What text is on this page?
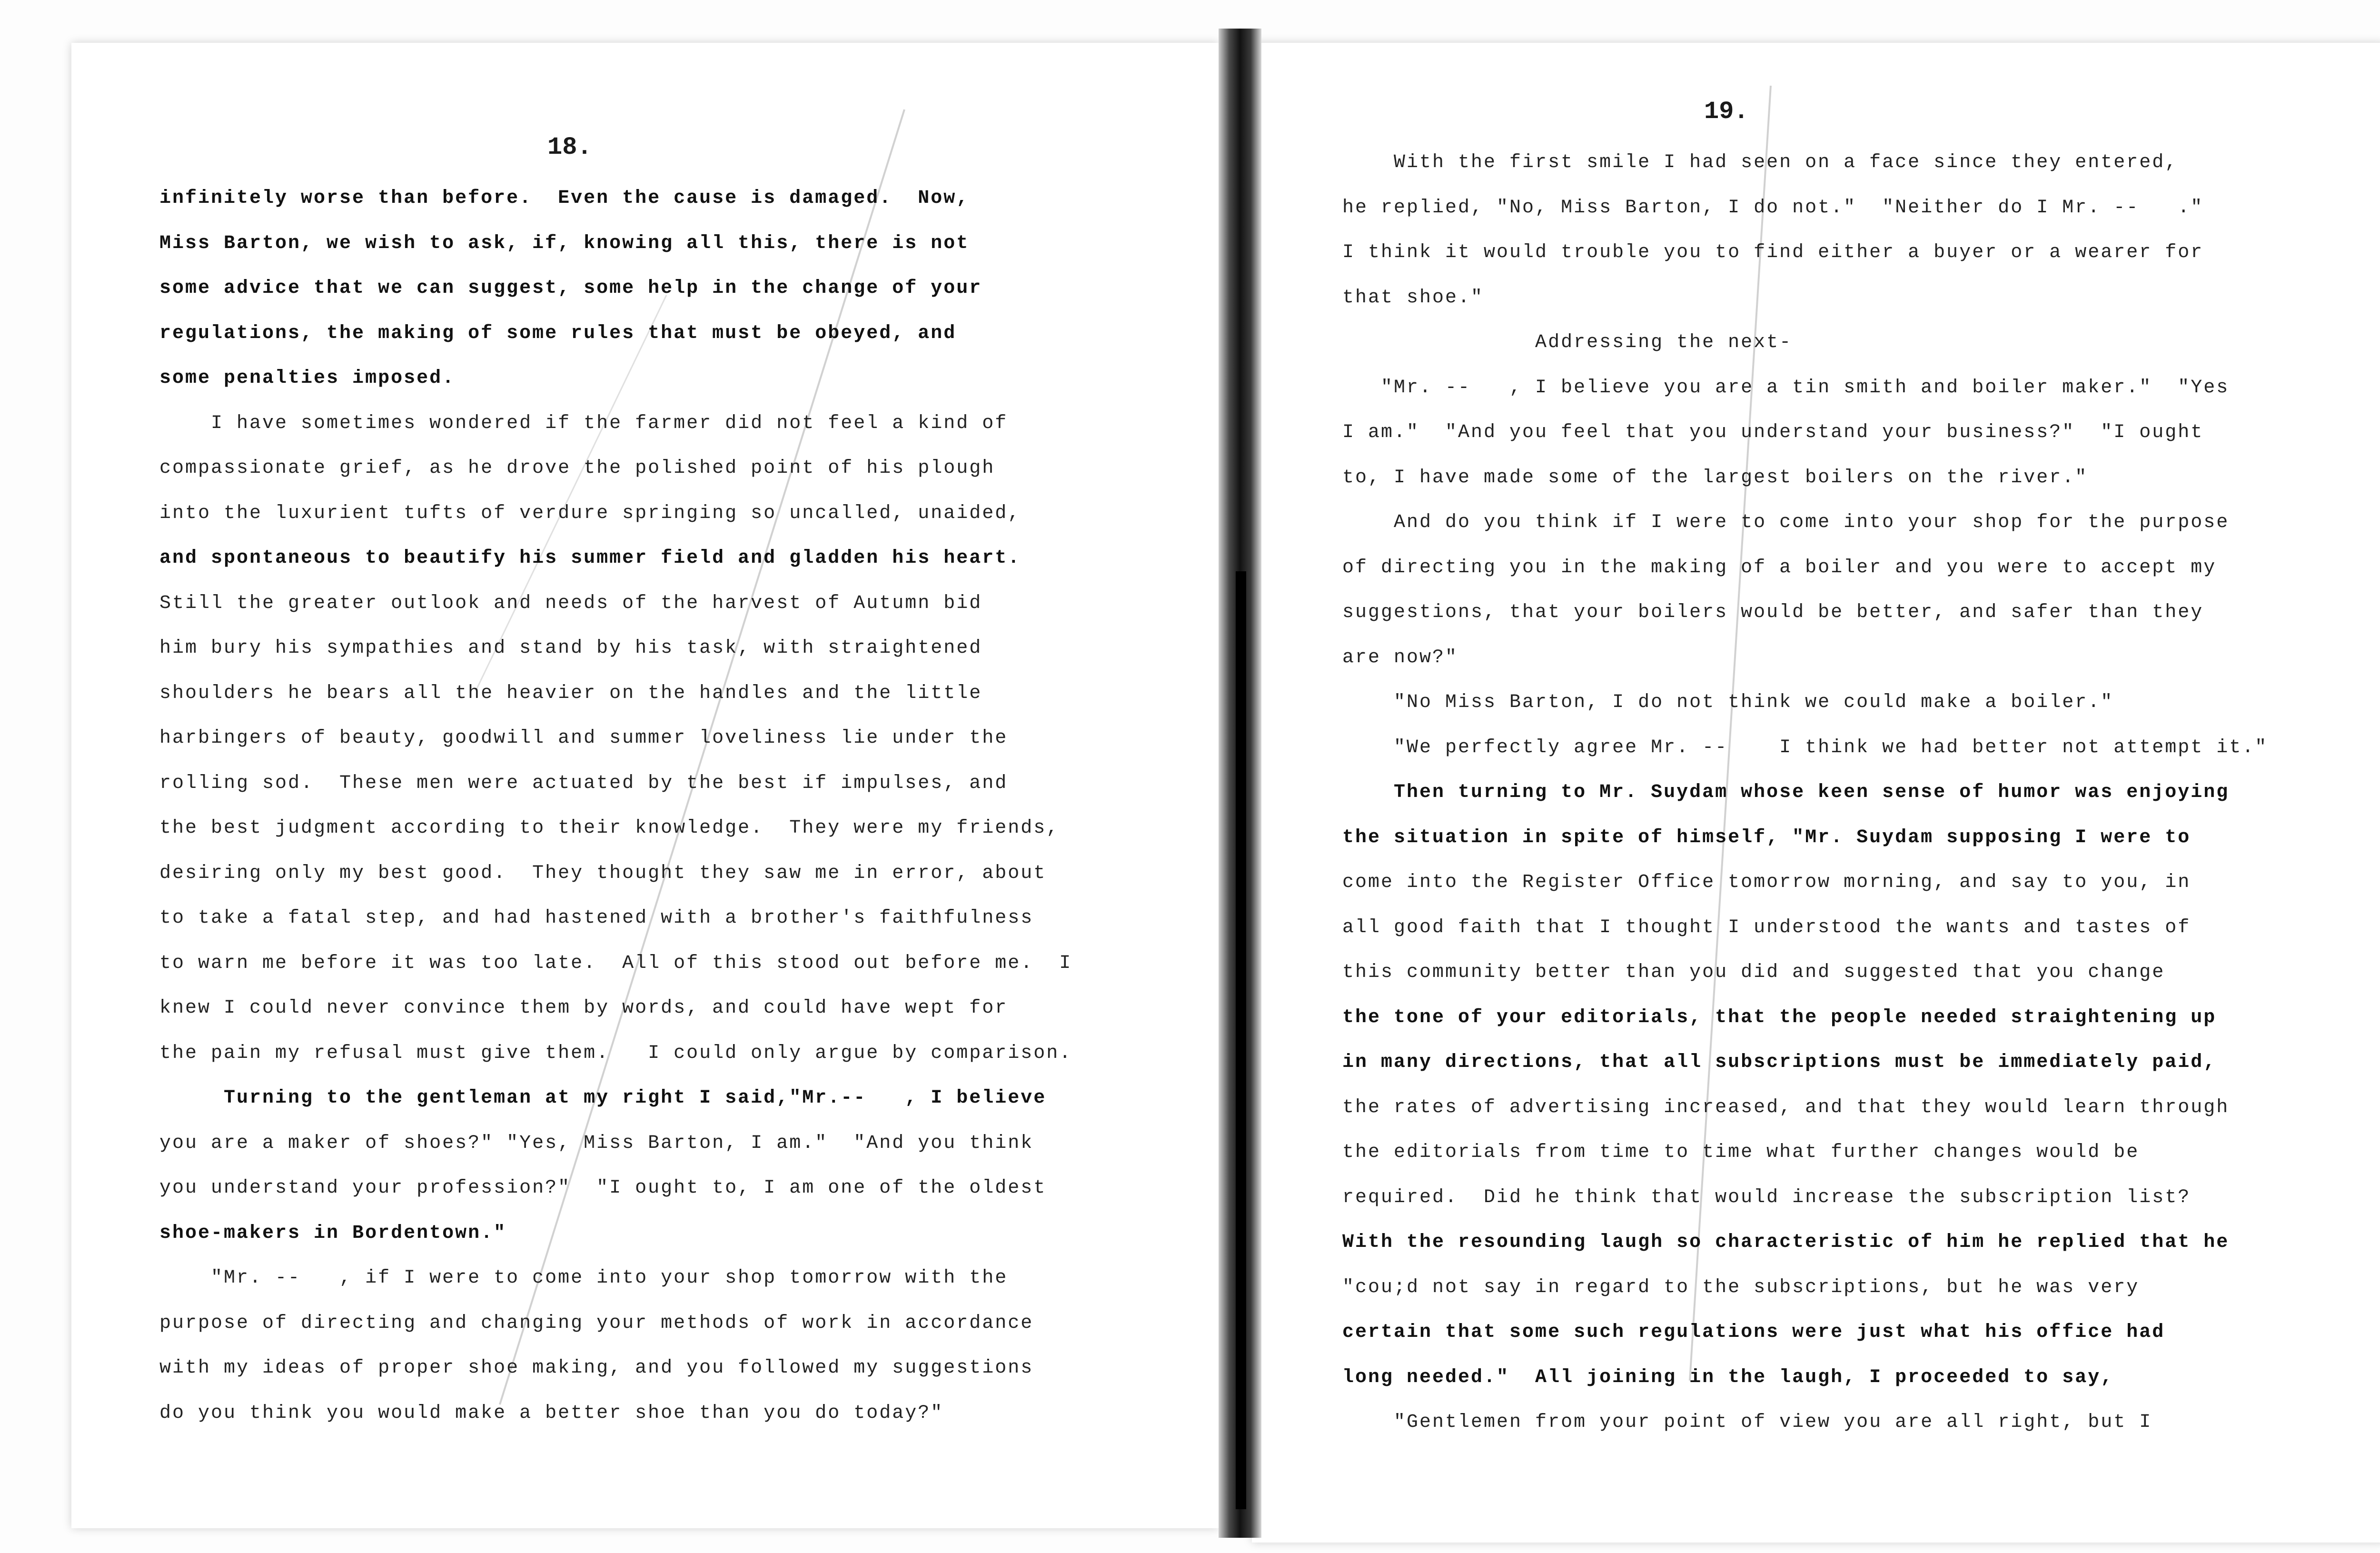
18.
19.
infinitely worse than before.  Even the cause is damaged.  Now,
Miss Barton, we wish to ask, if, knowing all this, there is not
some advice that we can suggest, some help in the change of your
regulations, the making of some rules that must be obeyed, and
some penalties imposed.
I have sometimes wondered if the farmer did not feel a kind of
compassionate grief, as he drove the polished point of his plough
into the luxurient tufts of verdure springing so uncalled, unaided,
and spontaneous to beautify his summer field and gladden his heart.
Still the greater outlook and needs of the harvest of Autumn bid
him bury his sympathies and stand by his task, with straightened
shoulders he bears all the heavier on the handles and the little
harbingers of beauty, goodwill and summer loveliness lie under the
rolling sod.  These men were actuated by the best if impulses, and
the best judgment according to their knowledge.  They were my friends,
desiring only my best good.  They thought they saw me in error, about
to take a fatal step, and had hastened with a brother's faithfulness
to warn me before it was too late.  All of this stood out before me.  I
knew I could never convince them by words, and could have wept for
the pain my refusal must give them.   I could only argue by comparison.
Turning to the gentleman at my right I said,"Mr.--   , I believe
you are a maker of shoes?" "Yes, Miss Barton, I am."  "And you think
you understand your profession?"  "I ought to, I am one of the oldest
shoe-makers in Bordentown."
"Mr. --   , if I were to come into your shop tomorrow with the
purpose of directing and changing your methods of work in accordance
with my ideas of proper shoe making, and you followed my suggestions
do you think you would make a better shoe than you do today?"
With the first smile I had seen on a face since they entered,
he replied, "No, Miss Barton, I do not."  "Neither do I Mr. --   ."
I think it would trouble you to find either a buyer or a wearer for
that shoe."
Addressing the next-
"Mr. --   , I believe you are a tin smith and boiler maker."  "Yes
I am."  "And you feel that you understand your business?"  "I ought
to, I have made some of the largest boilers on the river."
And do you think if I were to come into your shop for the purpose
of directing you in the making of a boiler and you were to accept my
suggestions, that your boilers would be better, and safer than they
are now?"
"No Miss Barton, I do not think we could make a boiler."
"We perfectly agree Mr. --    I think we had better not attempt it."
Then turning to Mr. Suydam whose keen sense of humor was enjoying
the situation in spite of himself, "Mr. Suydam supposing I were to
come into the Register Office tomorrow morning, and say to you, in
all good faith that I thought I understood the wants and tastes of
this community better than you did and suggested that you change
the tone of your editorials, that the people needed straightening up
in many directions, that all subscriptions must be immediately paid,
the rates of advertising increased, and that they would learn through
the editorials from time to time what further changes would be
required.  Did he think that would increase the subscription list?
With the resounding laugh so characteristic of him he replied that he
"cou;d not say in regard to the subscriptions, but he was very
certain that some such regulations were just what his office had
long needed."  All joining in the laugh, I proceeded to say,
"Gentlemen from your point of view you are all right, but I
